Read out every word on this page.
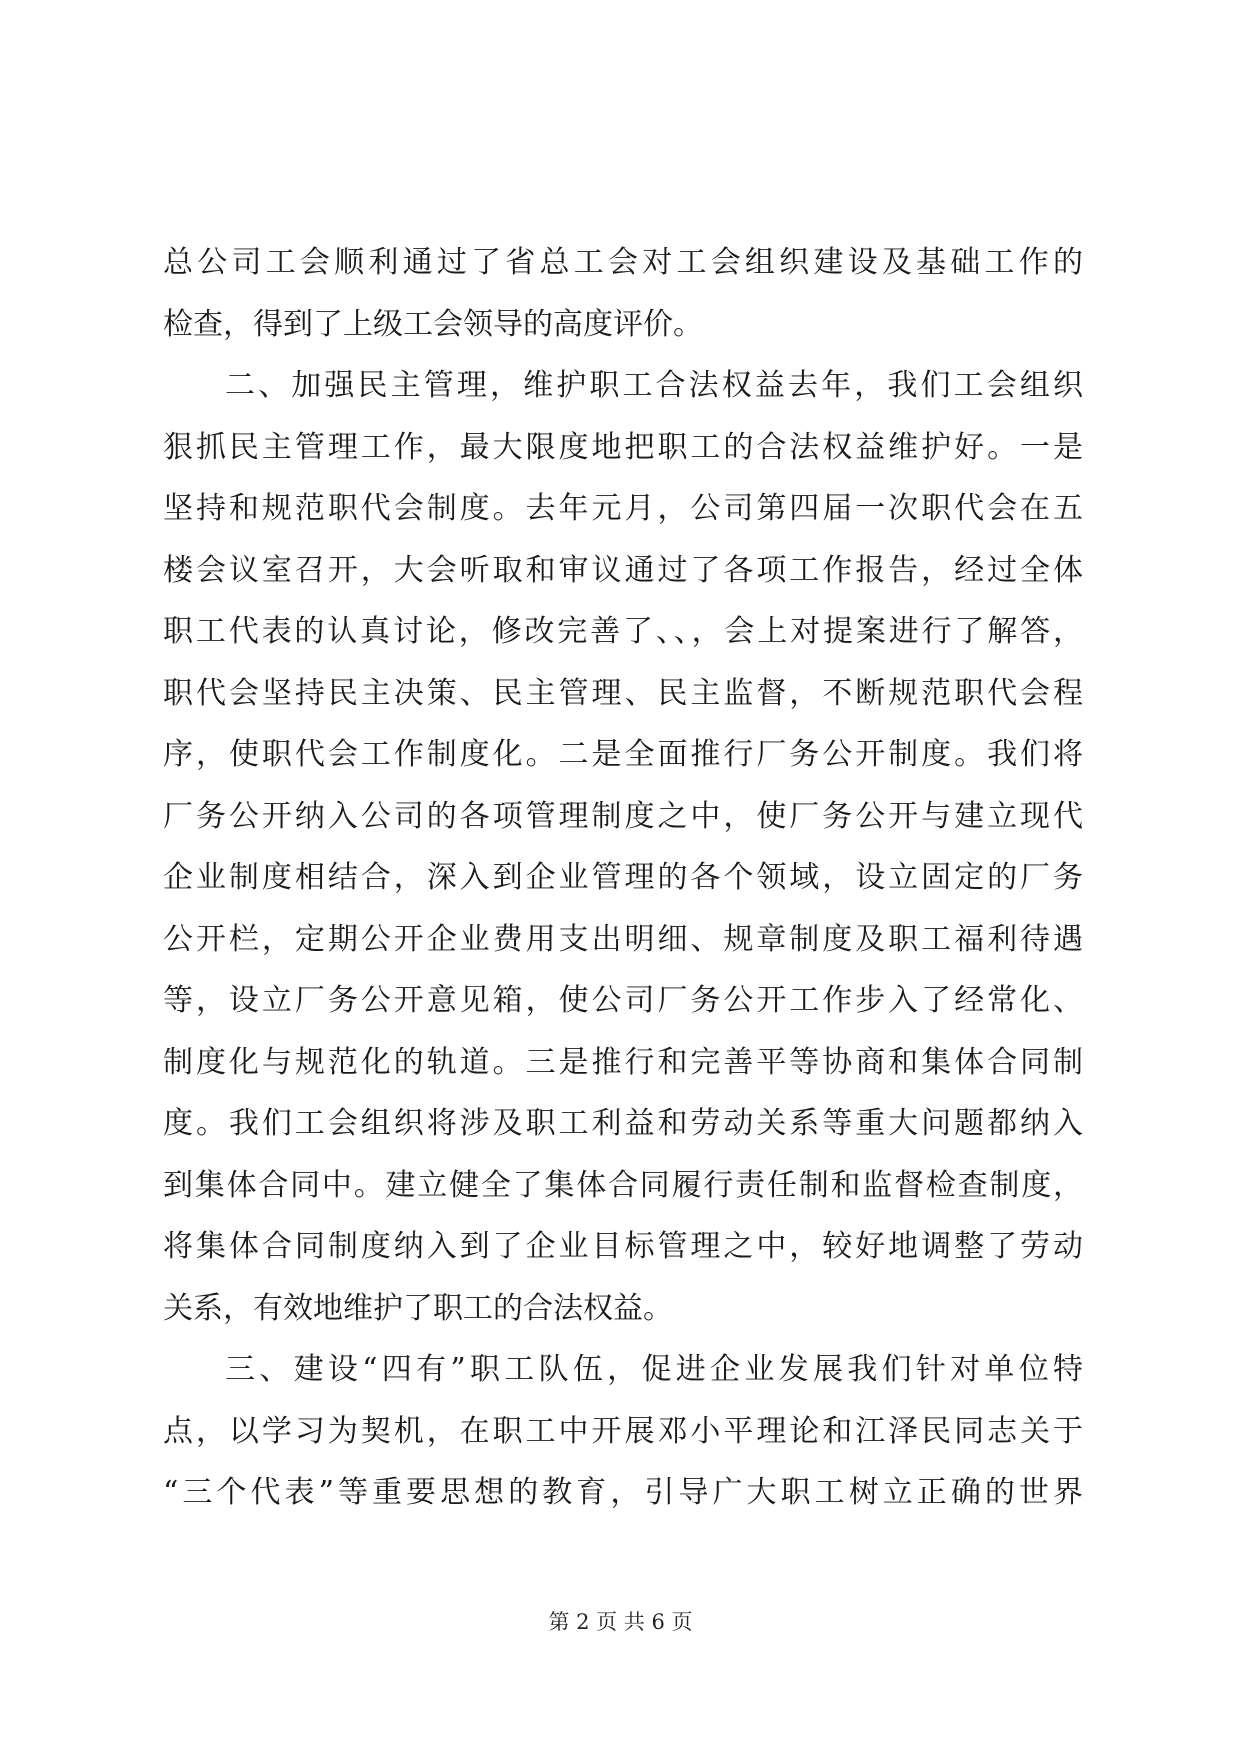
总公司工会顺利通过了省总工会对工会组织建设及基础工作的
检查，得到了上级工会领导的高度评价。
二、加强民主管理，维护职工合法权益去年，我们工会组织
狠抓民主管理工作，最大限度地把职工的合法权益维护好。一是
坚持和规范职代会制度。去年元月，公司第四届一次职代会在五
楼会议室召开，大会听取和审议通过了各项工作报告，经过全体
职工代表的认真讨论，修改完善了、、，会上对提案进行了解答，
职代会坚持民主决策、民主管理、民主监督，不断规范职代会程
序，使职代会工作制度化。二是全面推行厂务公开制度。我们将
厂务公开纳入公司的各项管理制度之中，使厂务公开与建立现代
企业制度相结合，深入到企业管理的各个领域，设立固定的厂务
公开栏，定期公开企业费用支出明细、规章制度及职工福利待遇
等，设立厂务公开意见箱，使公司厂务公开工作步入了经常化、
制度化与规范化的轨道。三是推行和完善平等协商和集体合同制
度。我们工会组织将涉及职工利益和劳动关系等重大问题都纳入
到集体合同中。建立健全了集体合同履行责任制和监督检查制度，
将集体合同制度纳入到了企业目标管理之中，较好地调整了劳动
关系，有效地维护了职工的合法权益。
三、建设“四有”职工队伍，促进企业发展我们针对单位特
点，以学习为契机，在职工中开展邓小平理论和江泽民同志关于
“三个代表”等重要思想的教育，引导广大职工树立正确的世界
第 2 页 共 6 页
